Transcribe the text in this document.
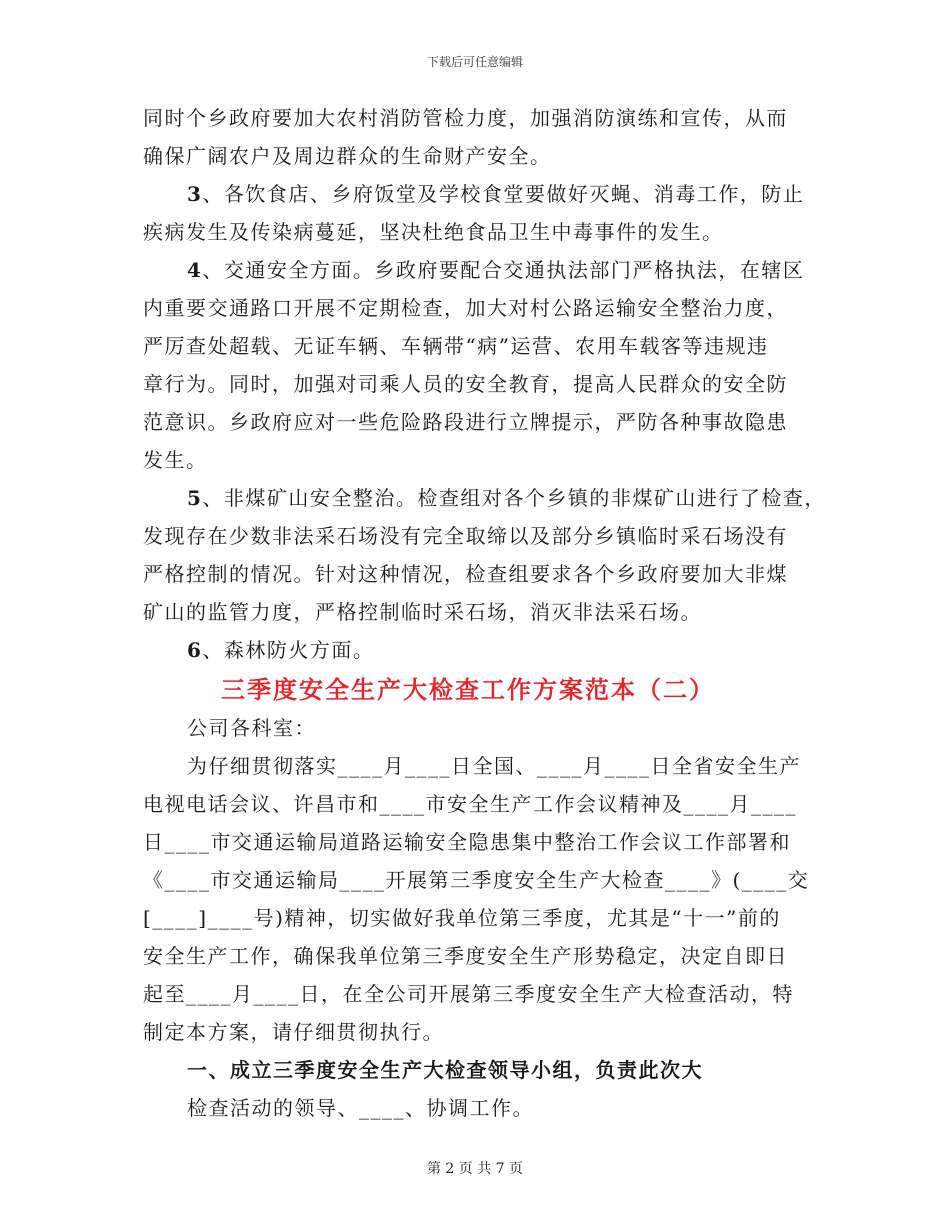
下载后可任意编辑
同时个乡政府要加大农村消防管检力度，加强消防演练和宣传，从而
确保广阔农户及周边群众的生命财产安全。
3、各饮食店、乡府饭堂及学校食堂要做好灭蝇、消毒工作，防止
疾病发生及传染病蔓延，坚决杜绝食品卫生中毒事件的发生。
4、交通安全方面。乡政府要配合交通执法部门严格执法，在辖区
内重要交通路口开展不定期检查，加大对村公路运输安全整治力度，
严厉查处超载、无证车辆、车辆带“病”运营、农用车载客等违规违
章行为。同时，加强对司乘人员的安全教育，提高人民群众的安全防
范意识。乡政府应对一些危险路段进行立牌提示，严防各种事故隐患
发生。
5、非煤矿山安全整治。检查组对各个乡镇的非煤矿山进行了检查，
发现存在少数非法采石场没有完全取缔以及部分乡镇临时采石场没有
严格控制的情况。针对这种情况，检查组要求各个乡政府要加大非煤
矿山的监管力度，严格控制临时采石场，消灭非法采石场。
6、森林防火方面。
三季度安全生产大检查工作方案范本（二）
公司各科室：
为仔细贯彻落实____月____日全国、____月____日全省安全生产
电视电话会议、许昌市和____市安全生产工作会议精神及____月____
日____市交通运输局道路运输安全隐患集中整治工作会议工作部署和
《____市交通运输局____开展第三季度安全生产大检查____》(____交
[____]____号)精神，切实做好我单位第三季度，尤其是“十一”前的
安全生产工作，确保我单位第三季度安全生产形势稳定，决定自即日
起至____月____日，在全公司开展第三季度安全生产大检查活动，特
制定本方案，请仔细贯彻执行。
一、成立三季度安全生产大检查领导小组，负责此次大
检查活动的领导、____、协调工作。
第 2 页 共 7 页
